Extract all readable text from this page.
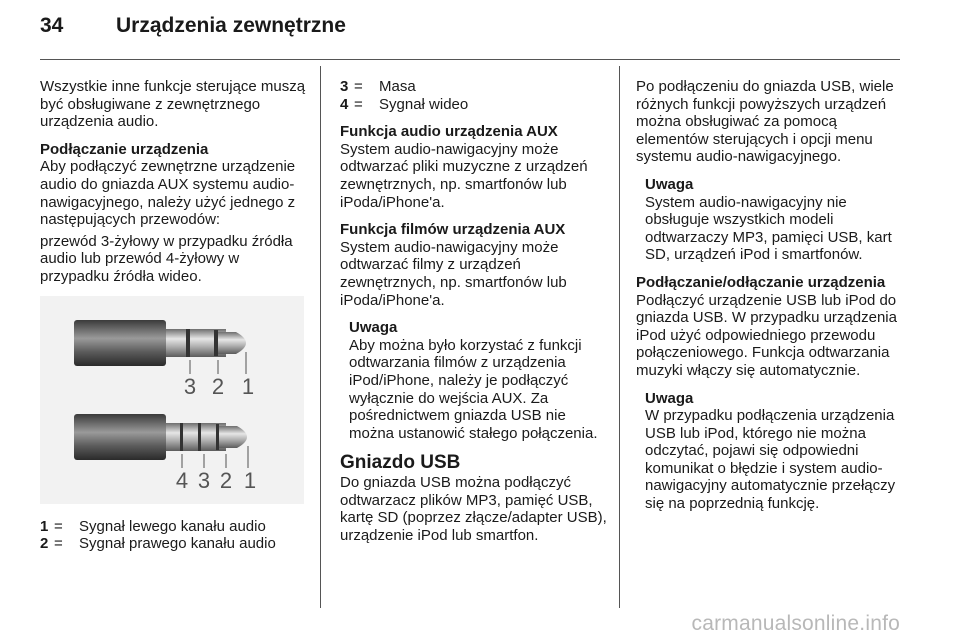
34	Urządzenia zewnętrzne

Wszystkie inne funkcje sterujące muszą być obsługiwane z zewnętrznego urządzenia audio.

Podłączanie urządzenia

Aby podłączyć zewnętrzne urządzenie audio do gniazda AUX systemu audio-nawigacyjnego, należy użyć jednego z następujących przewodów:

przewód 3-żyłowy w przypadku źródła audio lub przewód 4-żyłowy w przypadku źródła wideo.

3 2 1
4 3 2 1
1 =	Sygnał lewego kanału audio
2 =	Sygnał prawego kanału audio
3 =	Masa
4 =	Sygnał wideo

Funkcja audio urządzenia AUX

System audio-nawigacyjny może odtwarzać pliki muzyczne z urządzeń zewnętrznych, np. smartfonów lub iPoda/iPhone'a.

Funkcja filmów urządzenia AUX

System audio-nawigacyjny może odtwarzać filmy z urządzeń zewnętrznych, np. smartfonów lub iPoda/iPhone'a.

Uwaga
Aby można było korzystać z funkcji odtwarzania filmów z urządzenia iPod/iPhone, należy je podłączyć wyłącznie do wejścia AUX. Za pośrednictwem gniazda USB nie można ustanowić stałego połączenia.

Gniazdo USB

Do gniazda USB można podłączyć odtwarzacz plików MP3, pamięć USB, kartę SD (poprzez złącze/adapter USB), urządzenie iPod lub smartfon.

Po podłączeniu do gniazda USB, wiele różnych funkcji powyższych urządzeń można obsługiwać za pomocą elementów sterujących i opcji menu systemu audio-nawigacyjnego.

Uwaga
System audio-nawigacyjny nie obsługuje wszystkich modeli odtwarzaczy MP3, pamięci USB, kart SD, urządzeń iPod i smartfonów.

Podłączanie/odłączanie urządzenia

Podłączyć urządzenie USB lub iPod do gniazda USB. W przypadku urządzenia iPod użyć odpowiedniego przewodu połączeniowego. Funkcja odtwarzania muzyki włączy się automatycznie.

Uwaga
W przypadku podłączenia urządzenia USB lub iPod, którego nie można odczytać, pojawi się odpowiedni komunikat o błędzie i system audio-nawigacyjny automatycznie przełączy się na poprzednią funkcję.
carmanualsonline.info
